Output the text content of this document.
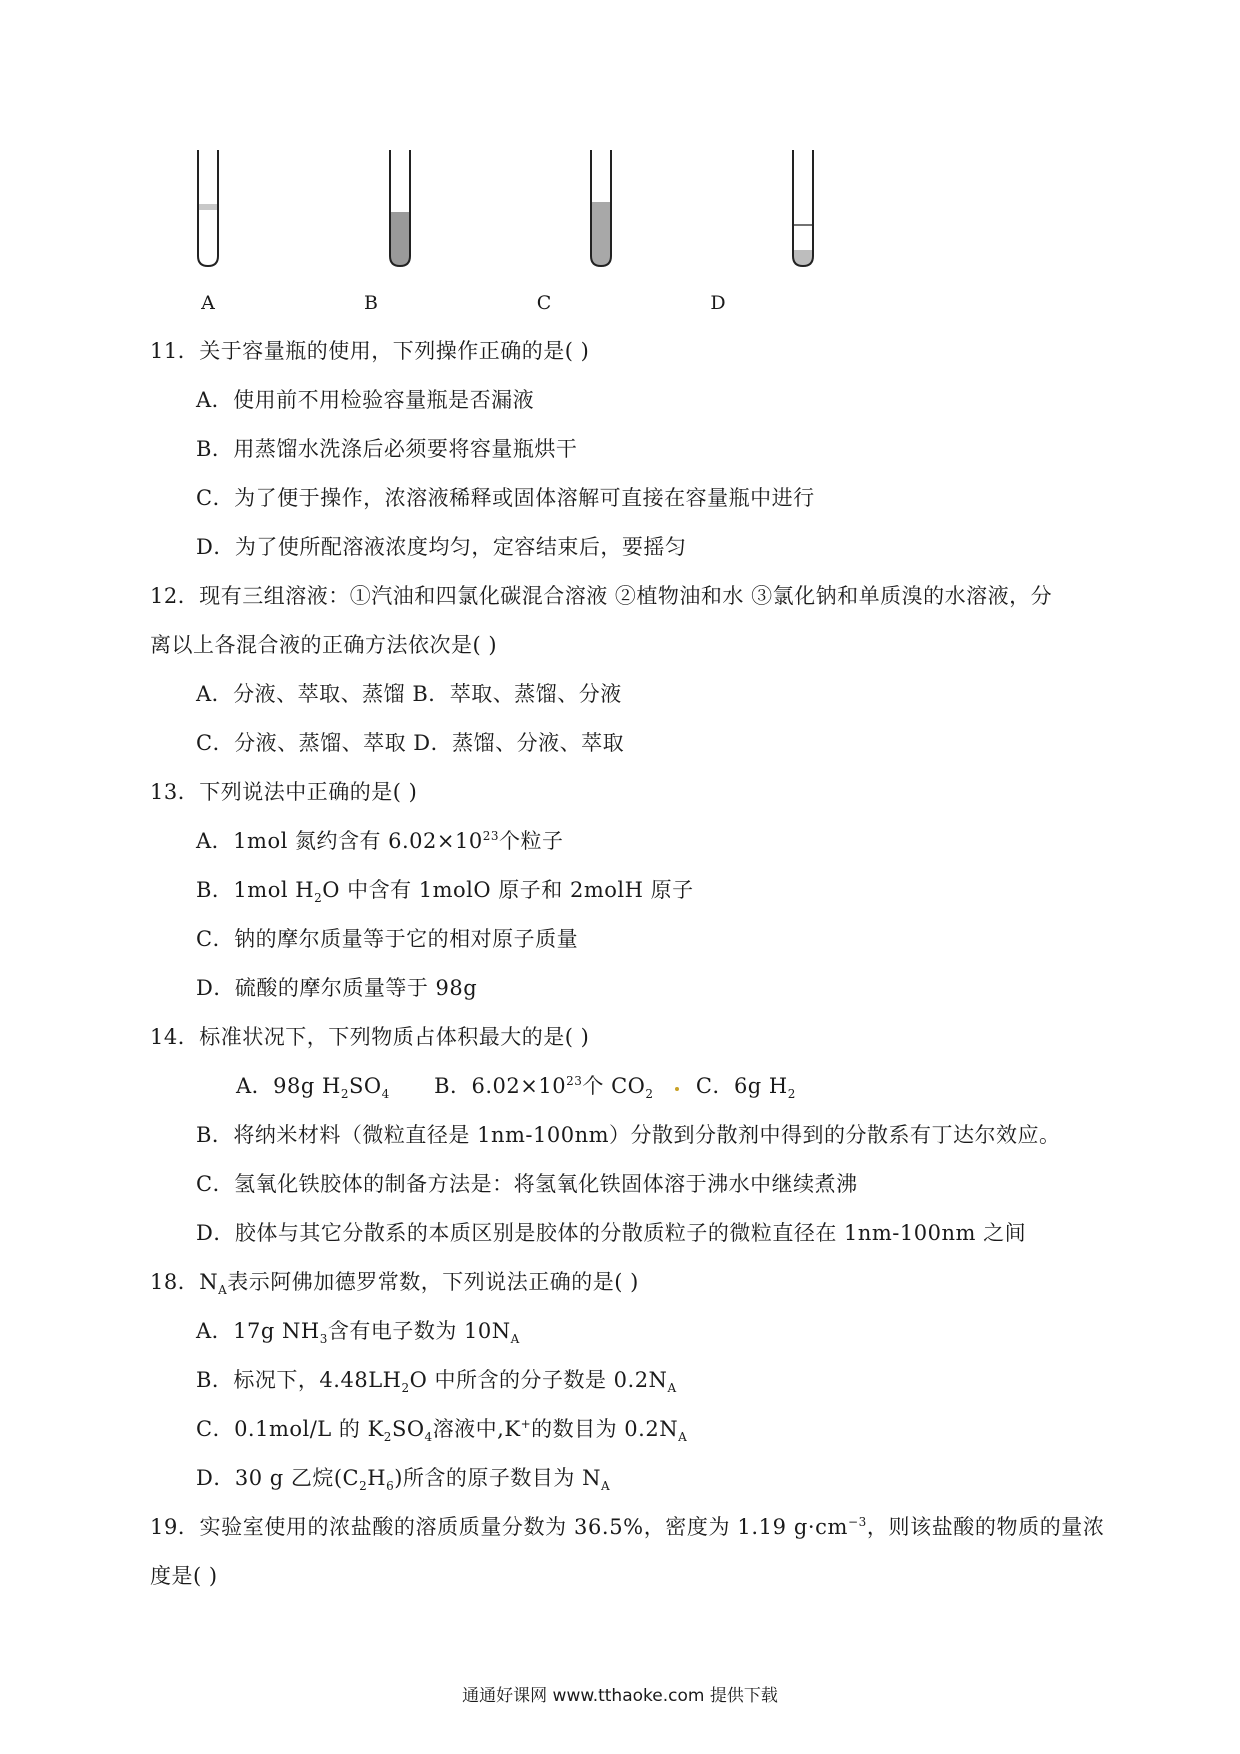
A	B	C	D
11．关于容量瓶的使用，下列操作正确的是( )
A．使用前不用检验容量瓶是否漏液
B．用蒸馏水洗涤后必须要将容量瓶烘干
C．为了便于操作，浓溶液稀释或固体溶解可直接在容量瓶中进行
D．为了使所配溶液浓度均匀，定容结束后，要摇匀
12．现有三组溶液：①汽油和四氯化碳混合溶液 ②植物油和水 ③氯化钠和单质溴的水溶液，分
离以上各混合液的正确方法依次是( )
A．分液、萃取、蒸馏 B．萃取、蒸馏、分液
C．分液、蒸馏、萃取 D．蒸馏、分液、萃取
13．下列说法中正确的是( )
A．1mol 氮约含有 $6.02\times 10^{23}$个粒子
B．1mol $H_2O$ 中含有 1molO 原子和 2molH 原子
C．钠的摩尔质量等于它的相对原子质量
D．硫酸的摩尔质量等于 98g
14．标准状况下，下列物质占体积最大的是( )
A．98g $H_2SO_4$ B．$6.02\times 10^{23}$个 $CO_2$ C．6g $H_2$
B．将纳米材料（微粒直径是 1nm-100nm）分散到分散剂中得到的分散系有丁达尔效应。
C．氢氧化铁胶体的制备方法是：将氢氧化铁固体溶于沸水中继续煮沸
D．胶体与其它分散系的本质区别是胶体的分散质粒子的微粒直径在 1nm-100nm 之间
18．$N_A$表示阿佛加德罗常数，下列说法正确的是( )
A．17g $NH_3$含有电子数为 $10N_A$
B．标况下，$4.48LH_2O$ 中所含的分子数是 $0.2N_A$
C．0.1mol/L 的 $K_2SO_4$溶液中,K+的数目为 $0.2N_A$
D．30 g 乙烷$(C_2H_6)$所含的原子数目为 $N_A$
19．实验室使用的浓盐酸的溶质质量分数为 36.5%，密度为 1.19 $g\cdot cm^{-3}$，则该盐酸的物质的量浓
度是( )
通通好课网 www.tthaoke.com 提供下载
